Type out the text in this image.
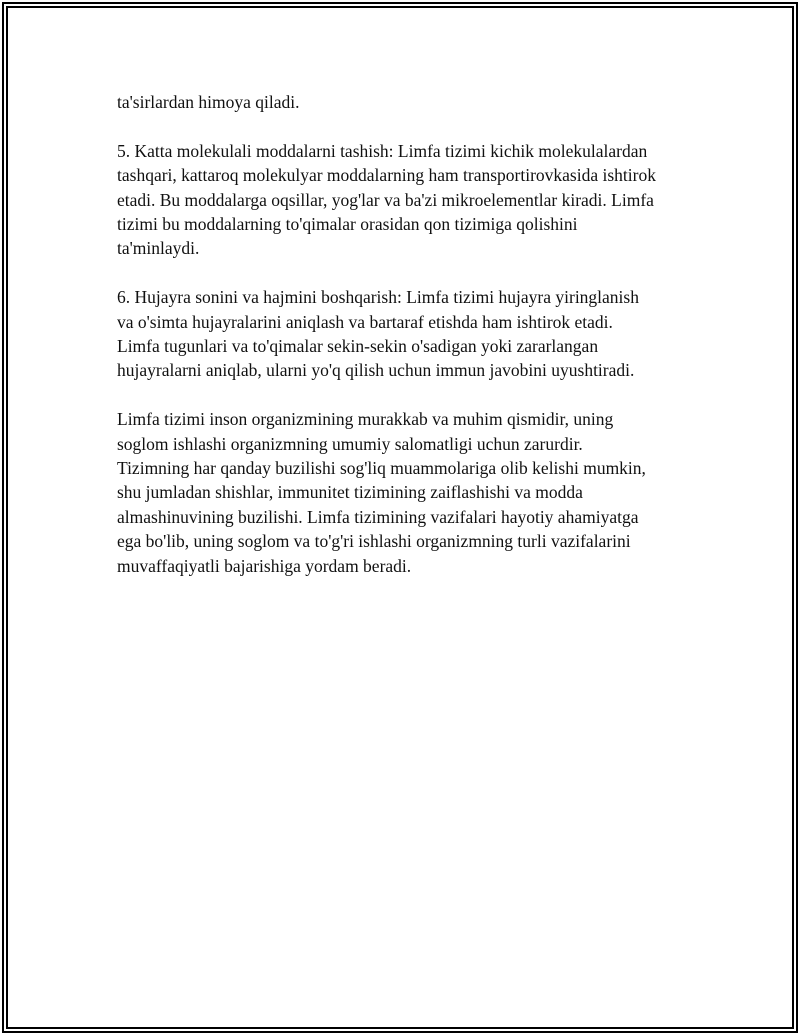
ta'sirlardan himoya qiladi.

5. Katta molekulali moddalarni tashish: Limfa tizimi kichik molekulalardan
tashqari, kattaroq molekulyar moddalarning ham transportirovkasida ishtirok
etadi. Bu moddalarga oqsillar, yog'lar va ba'zi mikroelementlar kiradi. Limfa
tizimi bu moddalarning to'qimalar orasidan qon tizimiga qolishini
ta'minlaydi.

6. Hujayra sonini va hajmini boshqarish: Limfa tizimi hujayra yiringlanish
va o'simta hujayralarini aniqlash va bartaraf etishda ham ishtirok etadi.
Limfa tugunlari va to'qimalar sekin-sekin o'sadigan yoki zararlangan
hujayralarni aniqlab, ularni yo'q qilish uchun immun javobini uyushtiradi.

Limfa tizimi inson organizmining murakkab va muhim qismidir, uning
soglom ishlashi organizmning umumiy salomatligi uchun zarurdir.
Tizimning har qanday buzilishi sog'liq muammolariga olib kelishi mumkin,
shu jumladan shishlar, immunitet tizimining zaiflashishi va modda
almashinuvining buzilishi. Limfa tizimining vazifalari hayotiy ahamiyatga
ega bo'lib, uning soglom va to'g'ri ishlashi organizmning turli vazifalarini
muvaffaqiyatli bajarishiga yordam beradi.
